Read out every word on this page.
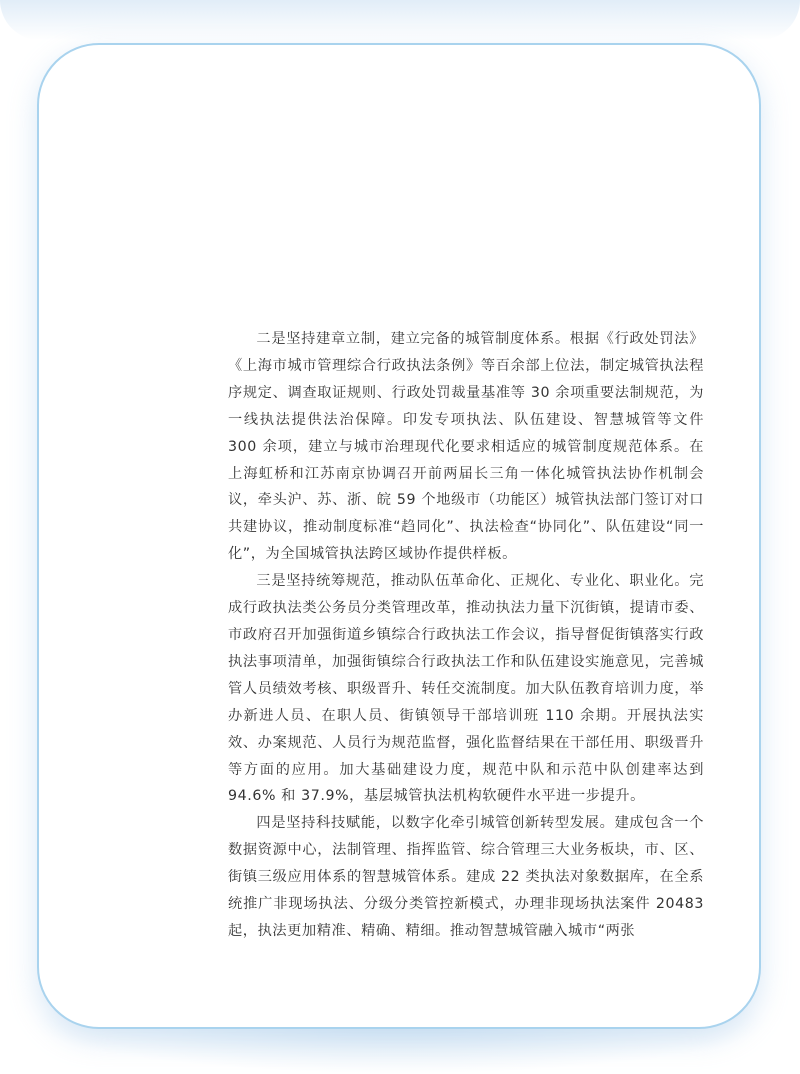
二是坚持建章立制，建立完备的城管制度体系。根据《行政处罚法》《上海市城市管理综合行政执法条例》等百余部上位法，制定城管执法程序规定、调查取证规则、行政处罚裁量基准等 30 余项重要法制规范，为一线执法提供法治保障。印发专项执法、队伍建设、智慧城管等文件 300 余项，建立与城市治理现代化要求相适应的城管制度规范体系。在上海虹桥和江苏南京协调召开前两届长三角一体化城管执法协作机制会议，牵头沪、苏、浙、皖 59 个地级市（功能区）城管执法部门签订对口共建协议，推动制度标准“趋同化”、执法检查“协同化”、队伍建设“同一化”，为全国城管执法跨区域协作提供样板。

三是坚持统筹规范，推动队伍革命化、正规化、专业化、职业化。完成行政执法类公务员分类管理改革，推动执法力量下沉街镇，提请市委、市政府召开加强街道乡镇综合行政执法工作会议，指导督促街镇落实行政执法事项清单，加强街镇综合行政执法工作和队伍建设实施意见，完善城管人员绩效考核、职级晋升、转任交流制度。加大队伍教育培训力度，举办新进人员、在职人员、街镇领导干部培训班 110 余期。开展执法实效、办案规范、人员行为规范监督，强化监督结果在干部任用、职级晋升等方面的应用。加大基础建设力度，规范中队和示范中队创建率达到 94.6% 和 37.9%，基层城管执法机构软硬件水平进一步提升。

四是坚持科技赋能，以数字化牵引城管创新转型发展。建成包含一个数据资源中心，法制管理、指挥监管、综合管理三大业务板块，市、区、街镇三级应用体系的智慧城管体系。建成 22 类执法对象数据库，在全系统推广非现场执法、分级分类管控新模式，办理非现场执法案件 20483 起，执法更加精准、精确、精细。推动智慧城管融入城市“两张
